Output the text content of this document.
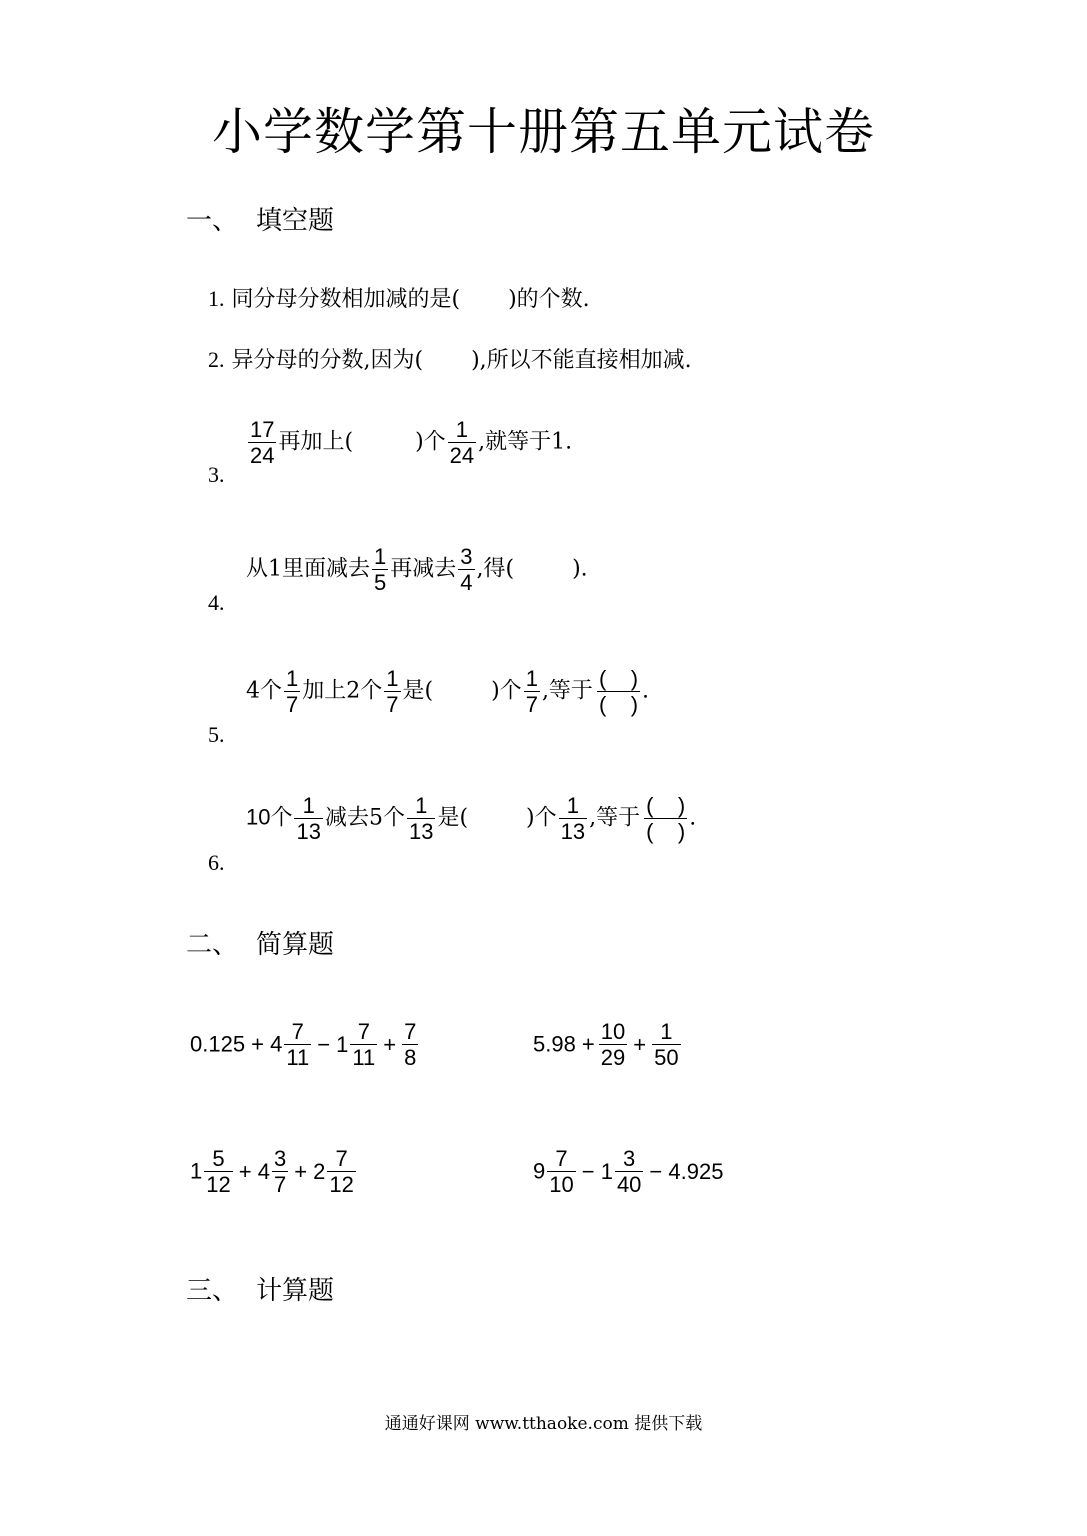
小学数学第十册第五单元试卷
一、 填空题
1. 同分母分数相加减的是( )的个数.
2. 异分母的分数,因为( ),所以不能直接相加减.
3.
$\frac{17}{24}$ 再加上(	)个 $\frac{1}{24}$ ,就等于1.
4.
从1里面减去 $\frac{1}{5}$ 再减去 $\frac{3}{4}$ ,得(	).
5.
4个 $\frac{1}{7}$ 加上2个 $\frac{1}{7}$ 是(	)个 $\frac{1}{7}$ ,等于 $\frac{( )}{( )}$ .
6.
10个 $\frac{1}{13}$ 减去5个 $\frac{1}{13}$ 是(	)个 $\frac{1}{13}$ ,等于 $\frac{( )}{( )}$ .
二、 简算题
$0.125 + 4 \frac{7}{11} - 1 \frac{7}{11} + \frac{7}{8}$	$5.98 + \frac{10}{29} + \frac{1}{50}$
$1 \frac{5}{12} + 4 \frac{3}{7} + 2 \frac{7}{12}$	$9 \frac{7}{10} - 1 \frac{3}{40} - 4.925$
三、 计算题
通通好课网 www.tthaoke.com 提供下载
